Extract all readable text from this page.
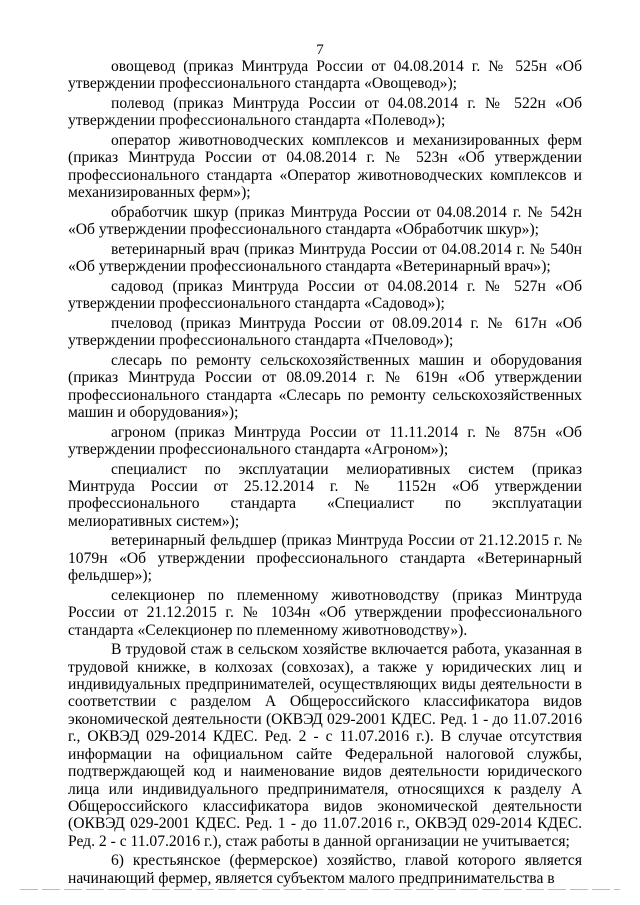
7

овощевод (приказ Минтруда России от 04.08.2014 г. № 525н «Об утверждении профессионального стандарта «Овощевод»);

полевод (приказ Минтруда России от 04.08.2014 г. № 522н «Об утверждении профессионального стандарта «Полевод»);

оператор животноводческих комплексов и механизированных ферм (приказ Минтруда России от 04.08.2014 г. № 523н «Об утверждении профессионального стандарта «Оператор животноводческих комплексов и механизированных ферм»);

обработчик шкур (приказ Минтруда России от 04.08.2014 г. № 542н «Об утверждении профессионального стандарта «Обработчик шкур»);

ветеринарный врач (приказ Минтруда России от 04.08.2014 г. № 540н «Об утверждении профессионального стандарта «Ветеринарный врач»);

садовод (приказ Минтруда России от 04.08.2014 г. № 527н «Об утверждении профессионального стандарта «Садовод»);

пчеловод (приказ Минтруда России от 08.09.2014 г. № 617н «Об утверждении профессионального стандарта «Пчеловод»);

слесарь по ремонту сельскохозяйственных машин и оборудования (приказ Минтруда России от 08.09.2014 г. № 619н «Об утверждении профессионального стандарта «Слесарь по ремонту сельскохозяйственных машин и оборудования»);

агроном (приказ Минтруда России от 11.11.2014 г. № 875н «Об утверждении профессионального стандарта «Агроном»);

специалист по эксплуатации мелиоративных систем (приказ Минтруда России от 25.12.2014 г. № 1152н «Об утверждении профессионального стандарта «Специалист по эксплуатации мелиоративных систем»);

ветеринарный фельдшер (приказ Минтруда России от 21.12.2015 г. № 1079н «Об утверждении профессионального стандарта «Ветеринарный фельдшер»);

селекционер по племенному животноводству (приказ Минтруда России от 21.12.2015 г. № 1034н «Об утверждении профессионального стандарта «Селекционер по племенному животноводству»).

В трудовой стаж в сельском хозяйстве включается работа, указанная в трудовой книжке, в колхозах (совхозах), а также у юридических лиц и индивидуальных предпринимателей, осуществляющих виды деятельности в соответствии с разделом А Общероссийского классификатора видов экономической деятельности (ОКВЭД 029-2001 КДЕС. Ред. 1 - до 11.07.2016 г., ОКВЭД 029-2014 КДЕС. Ред. 2 - с 11.07.2016 г.). В случае отсутствия информации на официальном сайте Федеральной налоговой службы, подтверждающей код и наименование видов деятельности юридического лица или индивидуального предпринимателя, относящихся к разделу А Общероссийского классификатора видов экономической деятельности (ОКВЭД 029-2001 КДЕС. Ред. 1 - до 11.07.2016 г., ОКВЭД 029-2014 КДЕС. Ред. 2 - с 11.07.2016 г.), стаж работы в данной организации не учитывается;

6) крестьянское (фермерское) хозяйство, главой которого является начинающий фермер, является субъектом малого предпринимательства в
